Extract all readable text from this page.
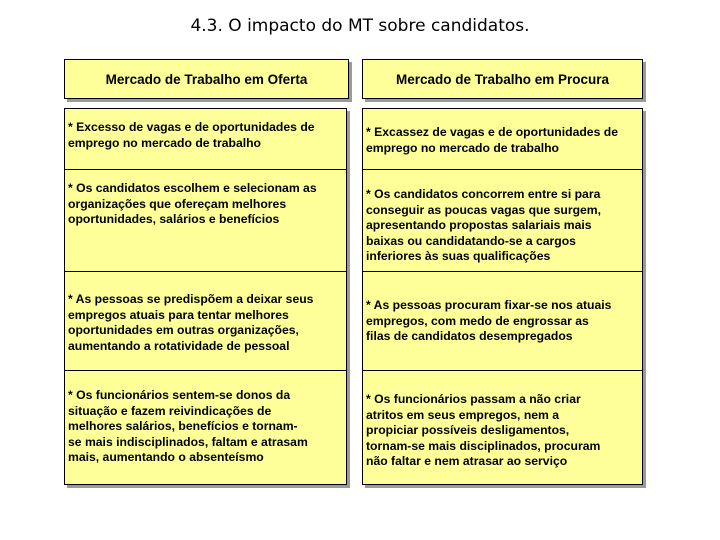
4.3. O impacto do MT sobre candidatos.
Mercado de Trabalho em Oferta
* Excesso de vagas e de oportunidades de
emprego no mercado de trabalho
* Os candidatos escolhem e selecionam as
organizações que ofereçam melhores
oportunidades, salários e benefícios
* As pessoas se predispõem a deixar seus
empregos atuais para tentar melhores
oportunidades em outras organizações,
aumentando a rotatividade de pessoal
* Os funcionários sentem-se donos da
situação e fazem reivindicações de
melhores salários, benefícios e tornam-
se mais indisciplinados, faltam e atrasam
mais, aumentando o absenteísmo
Mercado de Trabalho em Procura
* Excassez de vagas e de oportunidades de
emprego no mercado de trabalho
* Os candidatos concorrem entre si para
conseguir as poucas vagas que surgem,
apresentando propostas salariais mais
baixas ou candidatando-se a cargos
inferiores às suas qualificações
* As pessoas procuram fixar-se nos atuais
empregos, com medo de engrossar as
filas de candidatos desempregados
* Os funcionários passam a não criar
atritos em seus empregos, nem a
propiciar possíveis desligamentos,
tornam-se mais disciplinados, procuram
não faltar e nem atrasar ao serviço
